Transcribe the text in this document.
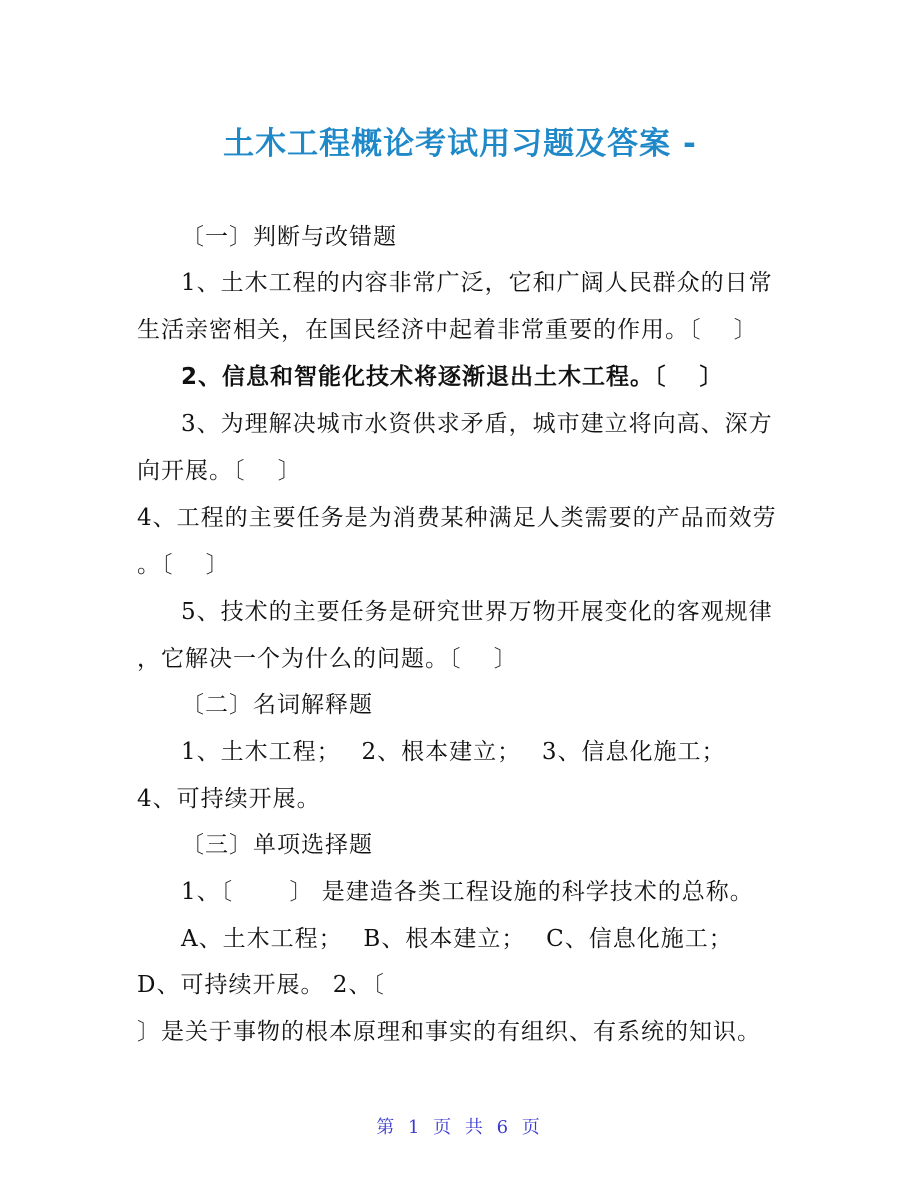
土木工程概论考试用习题及答案 -
〔一〕判断与改错题
1、土木工程的内容非常广泛，它和广阔人民群众的日常
生活亲密相关，在国民经济中起着非常重要的作用。〔　 〕
2、信息和智能化技术将逐渐退出土木工程。〔　 〕
3、为理解决城市水资供求矛盾，城市建立将向高、深方
向开展。〔　 〕
4、工程的主要任务是为消费某种满足人类需要的产品而效劳
。〔　 〕
5、技术的主要任务是研究世界万物开展变化的客观规律
，它解决一个为什么的问题。〔　 〕
〔二〕名词解释题
1、土木工程；　 2、根本建立；　 3、信息化施工；
4、可持续开展。
〔三〕单项选择题
1、〔　　 〕 是建造各类工程设施的科学技术的总称。
A、土木工程；　 B、根本建立；　 C、信息化施工；
D、可持续开展。 2、〔
〕是关于事物的根本原理和事实的有组织、有系统的知识。
第 1 页 共 6 页
